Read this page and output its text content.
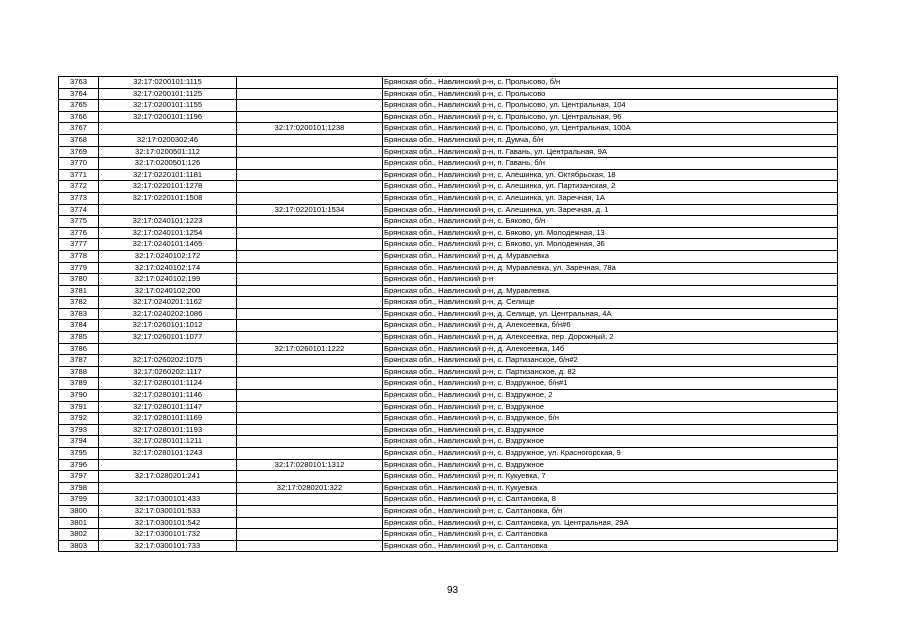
3763	32:17:0200101:1115		Брянская обл., Навлинский р-н, с. Пролысово, б/н
3764	32:17:0200101:1125		Брянская обл., Навлинский р-н, с. Пролысово
3765	32:17:0200101:1155		Брянская обл., Навлинский р-н, с. Пролысово, ул. Центральная, 104
3766	32:17:0200101:1196		Брянская обл., Навлинский р-н, с. Пролысово, ул. Центральная, 96
3767		32:17:0200101:1238	Брянская обл., Навлинский р-н, с. Пролысово, ул. Центральная, 100А
3768	32:17:0200302:46		Брянская обл., Навлинский р-н, п. Думча, б/н
3769	32:17:0200501:112		Брянская обл., Навлинский р-н, п. Гавань, ул. Центральная, 9А
3770	32:17:0200501:126		Брянская обл., Навлинский р-н, п. Гавань, б/н
3771	32:17:0220101:1181		Брянская обл., Навлинский р-н, с. Алешинка, ул. Октябрьская, 18
3772	32:17:0220101:1278		Брянская обл., Навлинский р-н, с. Алешинка, ул. Партизанская, 2
3773	32:17:0220101:1508		Брянская обл., Навлинский р-н, с. Алешинка, ул. Заречная, 1А
3774		32:17:0220101:1534	Брянская обл., Навлинский р-н, с. Алешинка, ул. Заречная, д. 1
3775	32:17:0240101:1223		Брянская обл., Навлинский р-н, с. Бяково, б/н
3776	32:17:0240101:1254		Брянская обл., Навлинский р-н, с. Бяково, ул. Молодежная, 13
3777	32:17:0240101:1465		Брянская обл., Навлинский р-н, с. Бяково, ул. Молодежная, 36
3778	32:17:0240102:172		Брянская обл., Навлинский р-н, д. Муравлевка
3779	32:17:0240102:174		Брянская обл., Навлинский р-н, д. Муравлевка, ул. Заречная, 78а
3780	32:17:0240102:199		Брянская обл., Навлинский р-н
3781	32:17:0240102:200		Брянская обл., Навлинский р-н, д. Муравлевка
3782	32:17:0240201:1162		Брянская обл., Навлинский р-н, д. Селище
3783	32:17:0240202:1086		Брянская обл., Навлинский р-н, д. Селище, ул. Центральная, 4А
3784	32:17:0260101:1012		Брянская обл., Навлинский р-н, д. Алексеевка, б/н#6
3785	32:17:0260101:1077		Брянская обл., Навлинский р-н, д. Алексеевка, пер. Дорожный, 2
3786		32:17:0260101:1222	Брянская обл., Навлинский р-н, д. Алексеевка, 14б
3787	32:17:0260202:1075		Брянская обл., Навлинский р-н, с. Партизанское, б/н#2
3788	32:17:0260202:1117		Брянская обл., Навлинский р-н, с. Партизанское, д. 82
3789	32:17:0280101:1124		Брянская обл., Навлинский р-н, с. Вздружное, б/н#1
3790	32:17:0280101:1146		Брянская обл., Навлинский р-н, с. Вздружное, 2
3791	32:17:0280101:1147		Брянская обл., Навлинский р-н, с. Вздружное
3792	32:17:0280101:1169		Брянская обл., Навлинский р-н, с. Вздружное, б/н
3793	32:17:0280101:1193		Брянская обл., Навлинский р-н, с. Вздружное
3794	32:17:0280101:1211		Брянская обл., Навлинский р-н, с. Вздружное
3795	32:17:0280101:1243		Брянская обл., Навлинский р-н, с. Вздружное, ул. Красногорская, 9
3796		32:17:0280101:1312	Брянская обл., Навлинский р-н, с. Вздружное
3797	32:17:0280201:241		Брянская обл., Навлинский р-н, п. Кукуевка, 7
3798		32:17:0280201:322	Брянская обл., Навлинский р-н, п. Кукуевка
3799	32:17:0300101:433		Брянская обл., Навлинский р-н, с. Салтановка, 8
3800	32:17:0300101:533		Брянская обл., Навлинский р-н, с. Салтановка, б/н
3801	32:17:0300101:542		Брянская обл., Навлинский р-н, с. Салтановка, ул. Центральная, 29А
3802	32:17:0300101:732		Брянская обл., Навлинский р-н, с. Салтановка
3803	32:17:0300101:733		Брянская обл., Навлинский р-н, с. Салтановка
93
